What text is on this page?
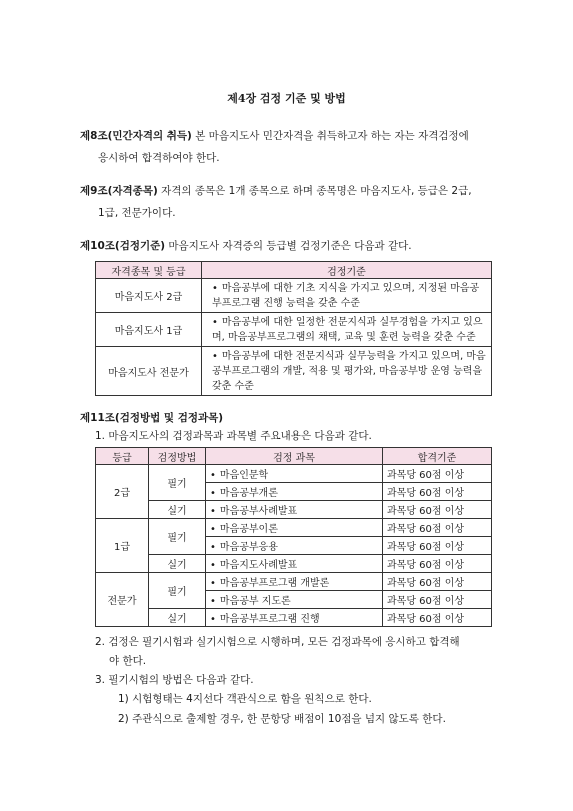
제4장 검정 기준 및 방법
제8조(민간자격의 취득) 본 마음지도사 민간자격을 취득하고자 하는 자는 자격검정에
응시하여 합격하여야 한다.
제9조(자격종목) 자격의 종목은 1개 종목으로 하며 종목명은 마음지도사, 등급은 2급,
1급, 전문가이다.
제10조(검정기준) 마음지도사 자격증의 등급별 검정기준은 다음과 같다.
자격종목 및 등급	검정기준
마음지도사 2급	• 마음공부에 대한 기초 지식을 가지고 있으며, 지정된 마음공부프로그램 진행 능력을 갖춘 수준
마음지도사 1급	• 마음공부에 대한 일정한 전문지식과 실무경험을 가지고 있으며, 마음공부프로그램의 채택, 교육 및 훈련 능력을 갖춘 수준
마음지도사 전문가	• 마음공부에 대한 전문지식과 실무능력을 가지고 있으며, 마음공부프로그램의 개발, 적용 및 평가와, 마음공부방 운영 능력을 갖춘 수준
제11조(검정방법 및 검정과목)
1. 마음지도사의 검정과목과 과목별 주요내용은 다음과 같다.
등급	검정방법	검정 과목	합격기준
2급	필기	• 마음인문학	과목당 60점 이상
		• 마음공부개론	과목당 60점 이상
	실기	• 마음공부사례발표	과목당 60점 이상
1급	필기	• 마음공부이론	과목당 60점 이상
		• 마음공부응용	과목당 60점 이상
	실기	• 마음지도사례발표	과목당 60점 이상
전문가	필기	• 마음공부프로그램 개발론	과목당 60점 이상
		• 마음공부 지도론	과목당 60점 이상
	실기	• 마음공부프로그램 진행	과목당 60점 이상
2. 검정은 필기시험과 실기시험으로 시행하며, 모든 검정과목에 응시하고 합격해
야 한다.
3. 필기시험의 방법은 다음과 같다.
1) 시험형태는 4지선다 객관식으로 함을 원칙으로 한다.
2) 주관식으로 출제할 경우, 한 문항당 배점이 10점을 넘지 않도록 한다.
